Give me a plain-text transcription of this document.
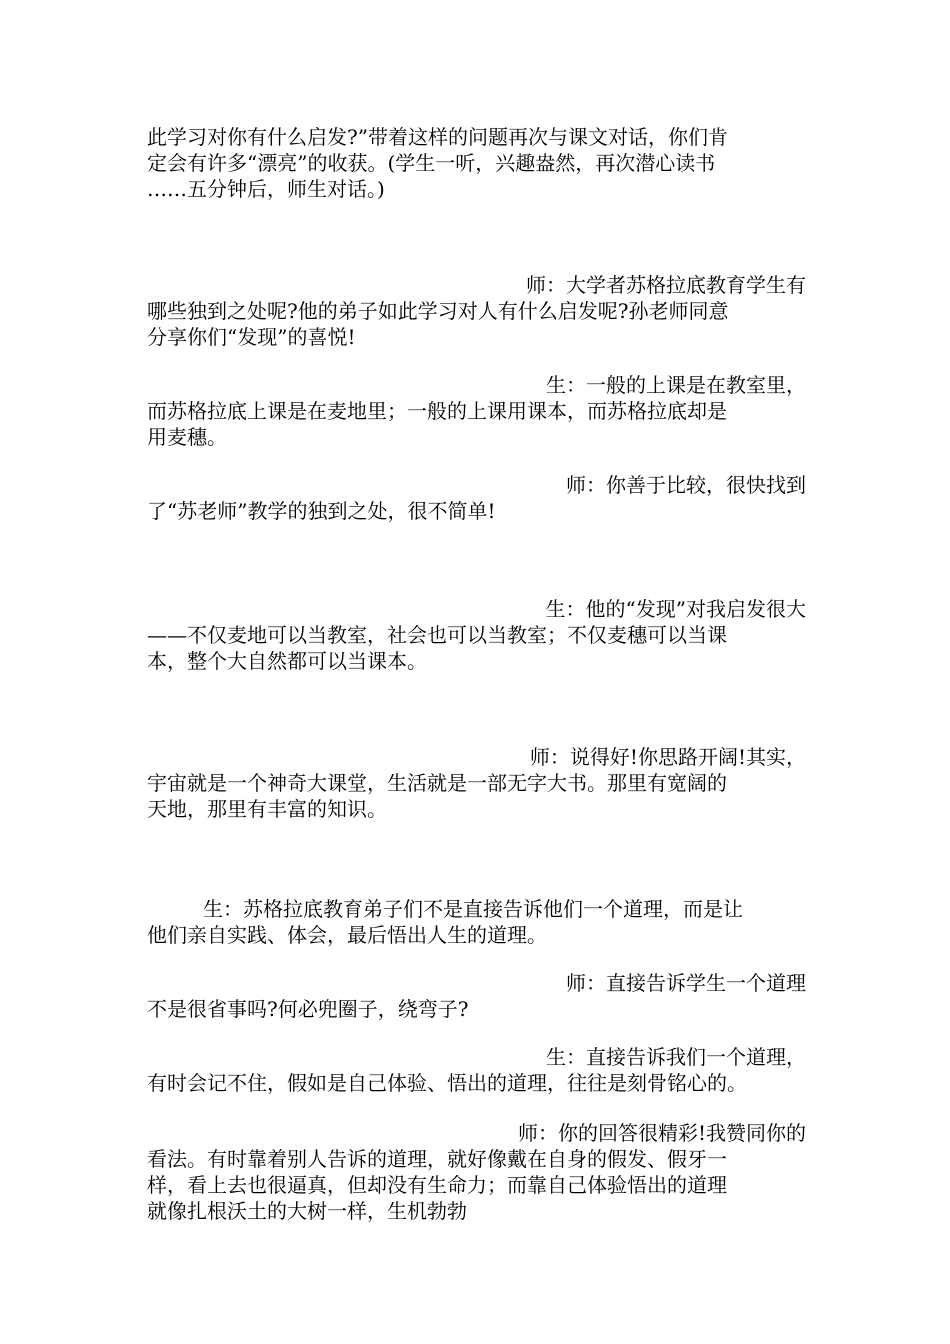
此学习对你有什么启发?”带着这样的问题再次与课文对话，你们肯
定会有许多“漂亮”的收获。(学生一听，兴趣盎然，再次潜心读书
……五分钟后，师生对话。)
师：大学者苏格拉底教育学生有
哪些独到之处呢?他的弟子如此学习对人有什么启发呢?孙老师同意
分享你们“发现”的喜悦!
生：一般的上课是在教室里，
而苏格拉底上课是在麦地里；一般的上课用课本，而苏格拉底却是
用麦穗。
师：你善于比较，很快找到
了“苏老师”教学的独到之处，很不简单!
生：他的“发现”对我启发很大
——不仅麦地可以当教室，社会也可以当教室；不仅麦穗可以当课
本，整个大自然都可以当课本。
师：说得好!你思路开阔!其实，
宇宙就是一个神奇大课堂，生活就是一部无字大书。那里有宽阔的
天地，那里有丰富的知识。
生：苏格拉底教育弟子们不是直接告诉他们一个道理，而是让
他们亲自实践、体会，最后悟出人生的道理。
师：直接告诉学生一个道理
不是很省事吗?何必兜圈子，绕弯子?
生：直接告诉我们一个道理，
有时会记不住，假如是自己体验、悟出的道理，往往是刻骨铭心的。
师：你的回答很精彩!我赞同你的
看法。有时靠着别人告诉的道理，就好像戴在自身的假发、假牙一
样，看上去也很逼真，但却没有生命力；而靠自己体验悟出的道理
就像扎根沃土的大树一样，生机勃勃
